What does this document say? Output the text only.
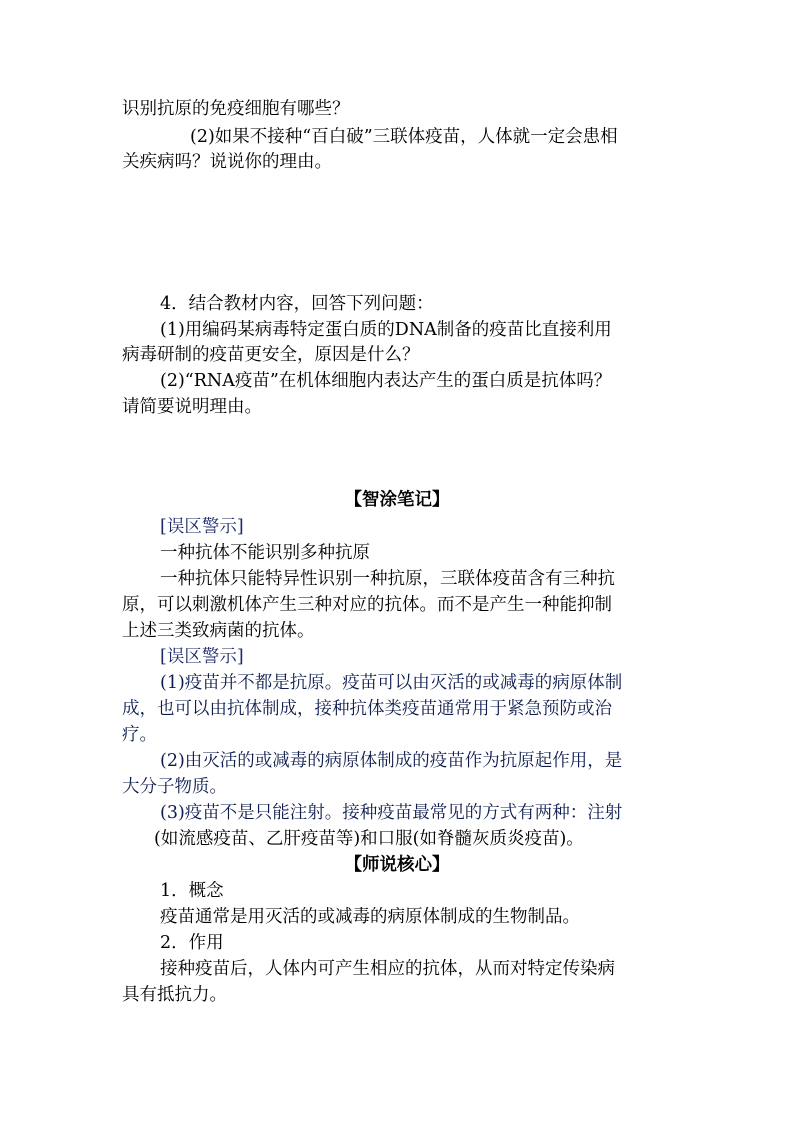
识别抗原的免疫细胞有哪些？
(2)如果不接种“百白破”三联体疫苗，人体就一定会患相
关疾病吗？说说你的理由。
4．结合教材内容，回答下列问题：
(1)用编码某病毒特定蛋白质的DNA制备的疫苗比直接利用
病毒研制的疫苗更安全，原因是什么？
(2)“RNA疫苗”在机体细胞内表达产生的蛋白质是抗体吗？
请简要说明理由。
【智涂笔记】
[误区警示]
一种抗体不能识别多种抗原
一种抗体只能特异性识别一种抗原，三联体疫苗含有三种抗
原，可以刺激机体产生三种对应的抗体。而不是产生一种能抑制
上述三类致病菌的抗体。
[误区警示]
(1)疫苗并不都是抗原。疫苗可以由灭活的或减毒的病原体制
成，也可以由抗体制成，接种抗体类疫苗通常用于紧急预防或治
疗。
(2)由灭活的或减毒的病原体制成的疫苗作为抗原起作用，是
大分子物质。
(3)疫苗不是只能注射。接种疫苗最常见的方式有两种：注射
(如流感疫苗、乙肝疫苗等)和口服(如脊髓灰质炎疫苗)。
【师说核心】
1．概念
疫苗通常是用灭活的或减毒的病原体制成的生物制品。
2．作用
接种疫苗后，人体内可产生相应的抗体，从而对特定传染病
具有抵抗力。
